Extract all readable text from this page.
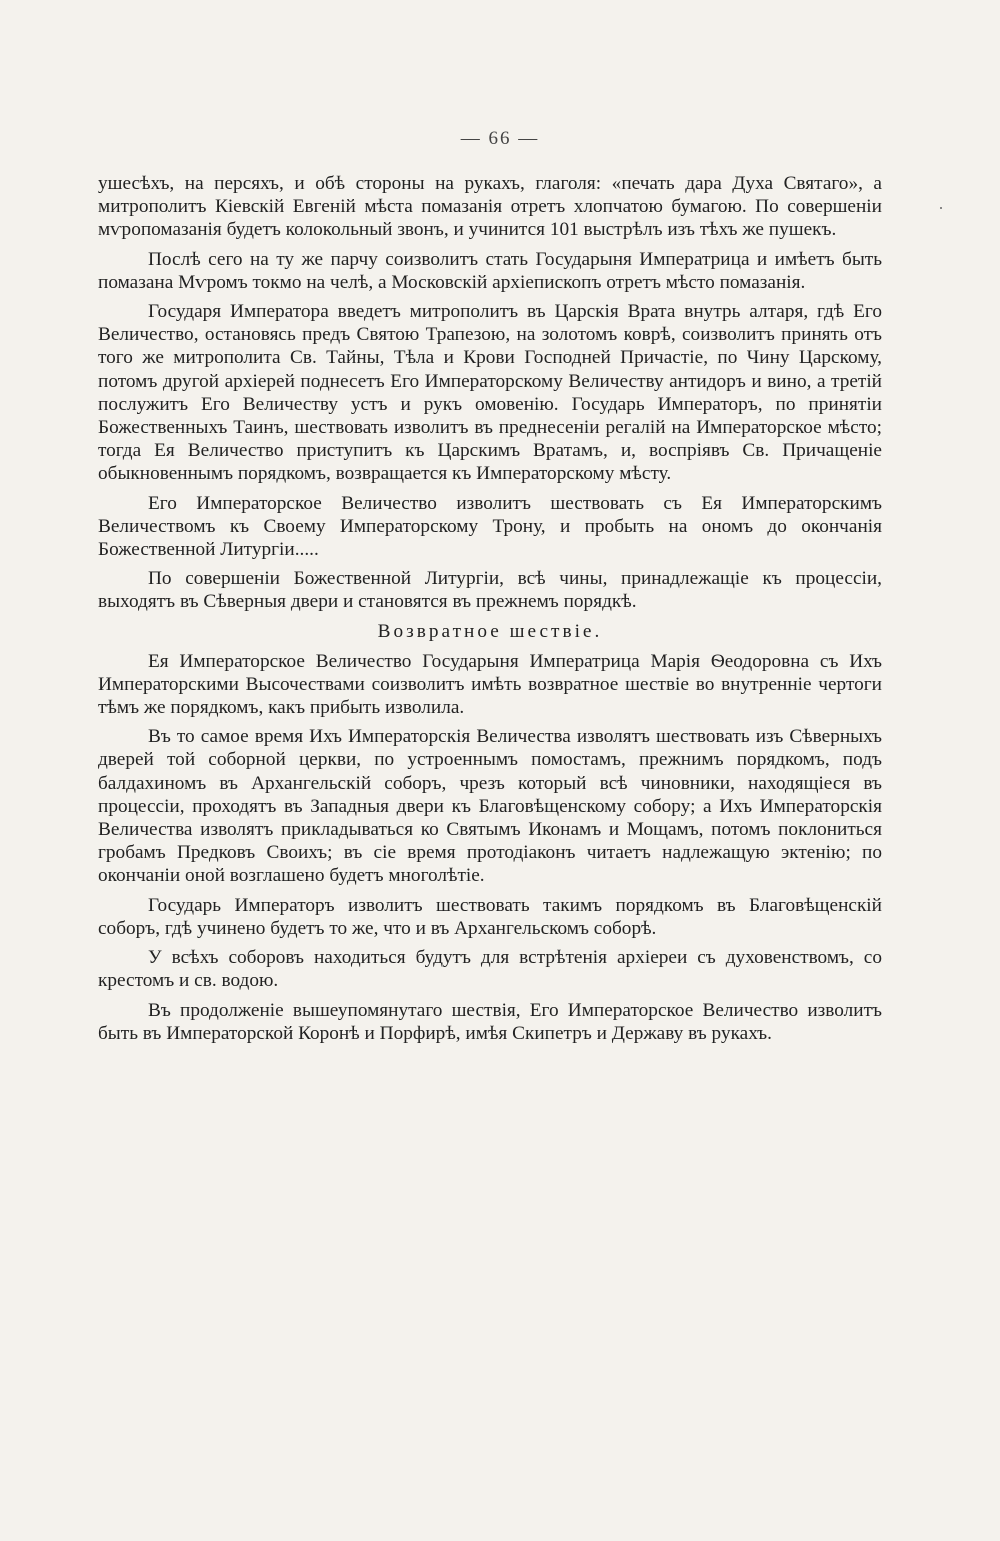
— 66 —

ушесѣхъ, на персяхъ, и обѣ стороны на рукахъ, глаголя: «печать дара Духа Святаго», а митрополитъ Кіевскій Евгеній мѣста помазанія отретъ хлопчатою бумагою. По совершеніи мѵропомазанія будетъ колокольный звонъ, и учинится 101 выстрѣлъ изъ тѣхъ же пушекъ.

Послѣ сего на ту же парчу соизволитъ стать Государыня Императрица и имѣетъ быть помазана Мѵромъ токмо на челѣ, а Московскій архіепископъ отретъ мѣсто помазанія.

Государя Императора введетъ митрополитъ въ Царскія Врата внутрь алтаря, гдѣ Его Величество, остановясь предъ Святою Трапезою, на золотомъ коврѣ, соизволитъ принять отъ того же митрополита Св. Тайны, Тѣла и Крови Господней Причастіе, по Чину Царскому, потомъ другой архіерей поднесетъ Его Императорскому Величеству антидоръ и вино, а третій послужитъ Его Величеству устъ и рукъ омовенію. Государь Императоръ, по принятіи Божественныхъ Таинъ, шествовать изволитъ въ преднесеніи регалій на Императорское мѣсто; тогда Ея Величество приступитъ къ Царскимъ Вратамъ, и, воспріявъ Св. Причащеніе обыкновеннымъ порядкомъ, возвращается къ Императорскому мѣсту.

Его Императорское Величество изволитъ шествовать съ Ея Императорскимъ Величествомъ къ Своему Императорскому Трону, и пробыть на ономъ до окончанія Божественной Литургіи.....

По совершеніи Божественной Литургіи, всѣ чины, принадлежащіе къ процессіи, выходятъ въ Сѣверныя двери и становятся въ прежнемъ порядкѣ.

Возвратное шествіе.

Ея Императорское Величество Государыня Императрица Марія Ѳеодоровна съ Ихъ Императорскими Высочествами соизволитъ имѣть возвратное шествіе во внутренніе чертоги тѣмъ же порядкомъ, какъ прибыть изволила.

Въ то самое время Ихъ Императорскія Величества изволятъ шествовать изъ Сѣверныхъ дверей той соборной церкви, по устроеннымъ помостамъ, прежнимъ порядкомъ, подъ балдахиномъ въ Архангельскій соборъ, чрезъ который всѣ чиновники, находящіеся въ процессіи, проходятъ въ Западныя двери къ Благовѣщенскому собору; а Ихъ Императорскія Величества изволятъ прикладываться ко Святымъ Иконамъ и Мощамъ, потомъ поклониться гробамъ Предковъ Своихъ; въ сіе время протодіаконъ читаетъ надлежащую эктенію; по окончаніи оной возглашено будетъ многолѣтіе.

Государь Императоръ изволитъ шествовать такимъ порядкомъ въ Благовѣщенскій соборъ, гдѣ учинено будетъ то же, что и въ Архангельскомъ соборѣ.

У всѣхъ соборовъ находиться будутъ для встрѣтенія архіереи съ духовенствомъ, со крестомъ и св. водою.

Въ продолженіе вышеупомянутаго шествія, Его Императорское Величество изволитъ быть въ Императорской Коронѣ и Порфирѣ, имѣя Скипетръ и Державу въ рукахъ.
